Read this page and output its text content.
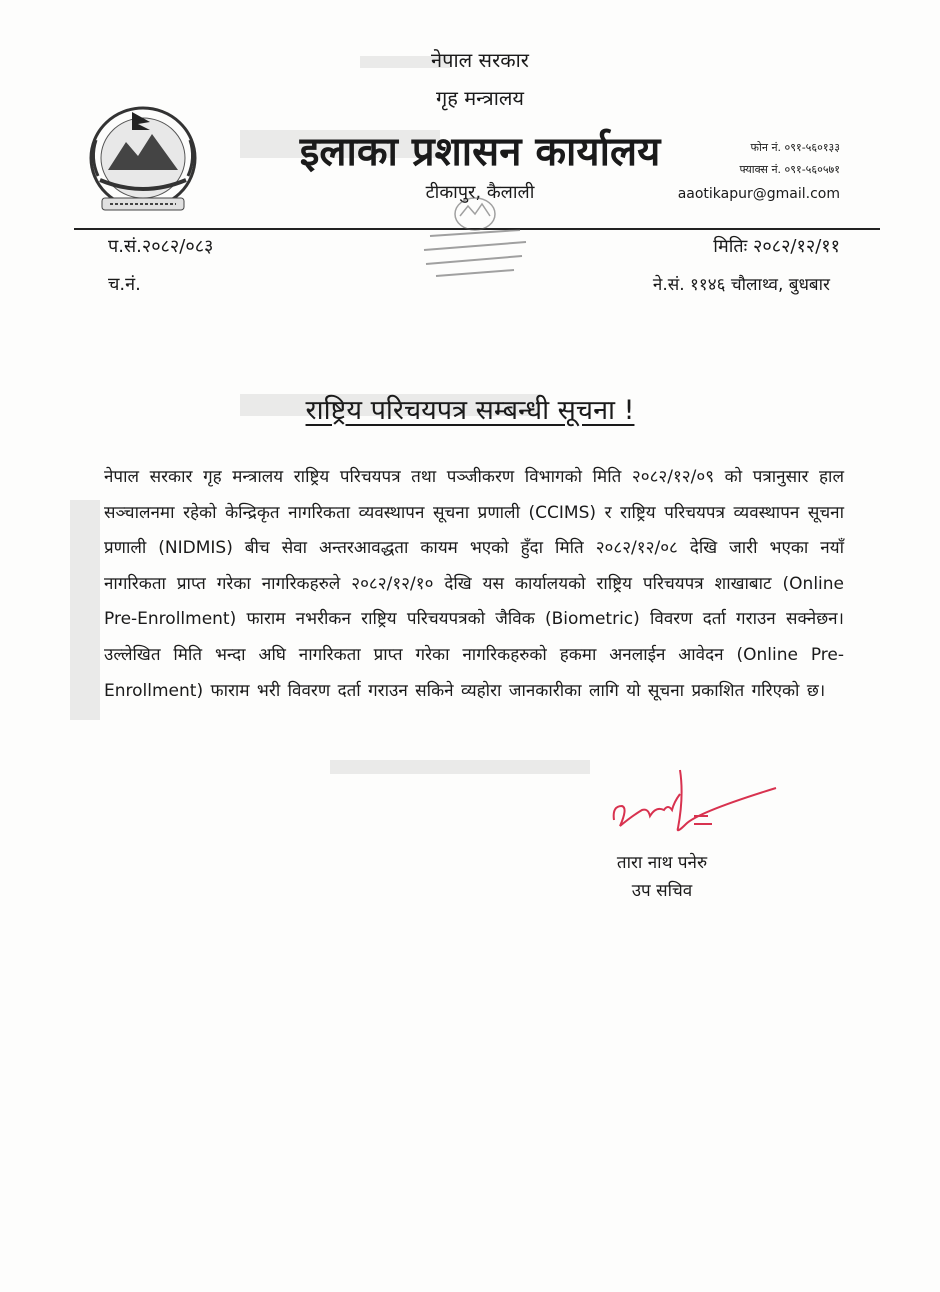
नेपाल सरकार
गृह मन्त्रालय
इलाका प्रशासन कार्यालय
टीकापुर, कैलाली
फोन नं. ०९१-५६०१३३
फ्याक्स नं. ०९१-५६०५७१
aaotikapur@gmail.com
प.सं.२०८२/०८३
च.नं.
मितिः २०८२/१२/११
ने.सं. ११४६ चौलाथ्व, बुधबार
राष्ट्रिय परिचयपत्र सम्बन्धी सूचना !
नेपाल सरकार गृह मन्त्रालय राष्ट्रिय परिचयपत्र तथा पञ्जीकरण विभागको मिति २०८२/१२/०९ को पत्रानुसार हाल सञ्चालनमा रहेको केन्द्रिकृत नागरिकता व्यवस्थापन सूचना प्रणाली (CCIMS) र राष्ट्रिय परिचयपत्र व्यवस्थापन सूचना प्रणाली (NIDMIS) बीच सेवा अन्तरआवद्धता कायम भएको हुँदा मिति २०८२/१२/०८ देखि जारी भएका नयाँ नागरिकता प्राप्त गरेका नागरिकहरुले २०८२/१२/१० देखि यस कार्यालयको राष्ट्रिय परिचयपत्र शाखाबाट (Online Pre-Enrollment) फाराम नभरीकन राष्ट्रिय परिचयपत्रको जैविक (Biometric) विवरण दर्ता गराउन सक्नेछन। उल्लेखित मिति भन्दा अघि नागरिकता प्राप्त गरेका नागरिकहरुको हकमा अनलाईन आवेदन (Online Pre-Enrollment) फाराम भरी विवरण दर्ता गराउन सकिने व्यहोरा जानकारीका लागि यो सूचना प्रकाशित गरिएको छ।
तारा नाथ पनेरु
उप सचिव
